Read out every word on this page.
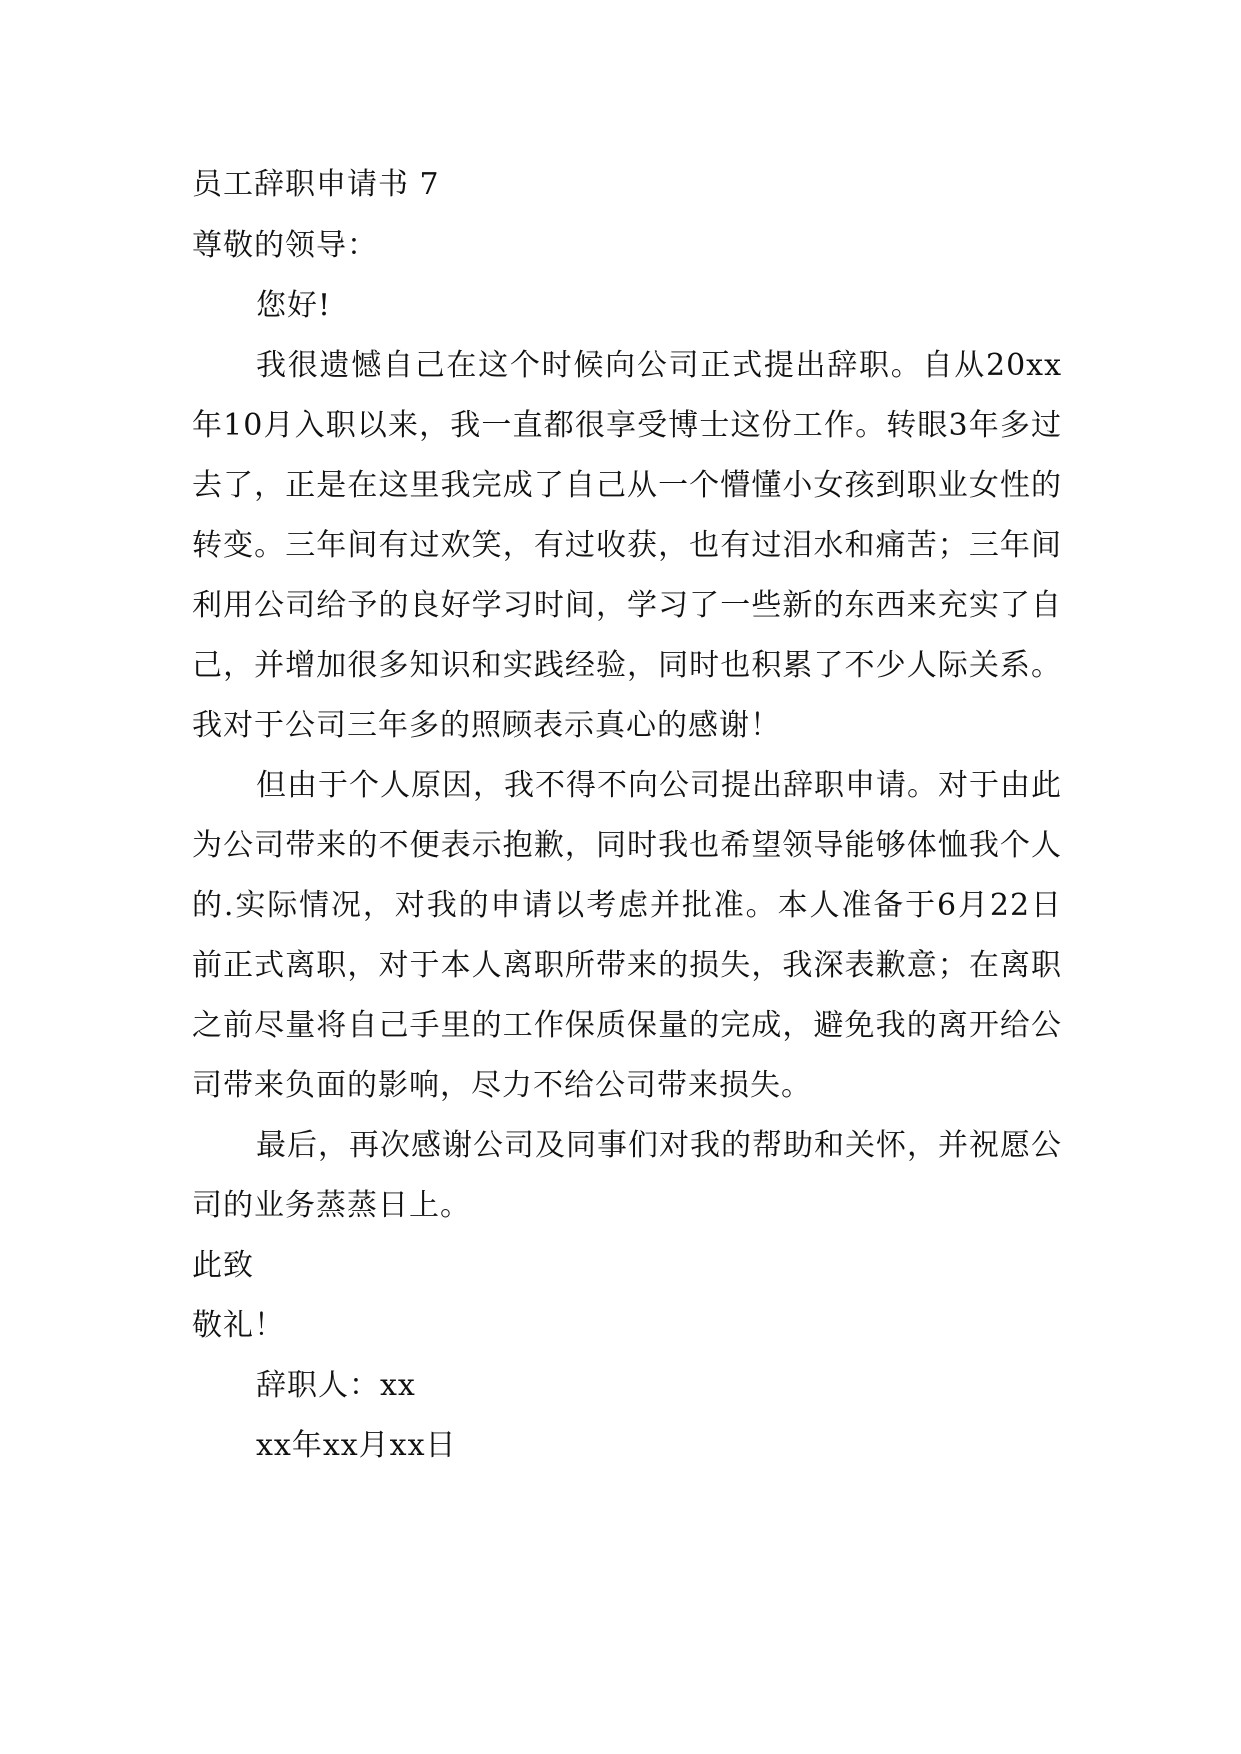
员工辞职申请书 7

尊敬的领导：

您好!

我很遗憾自己在这个时候向公司正式提出辞职。自从20xx年10月入职以来，我一直都很享受博士这份工作。转眼3年多过去了，正是在这里我完成了自己从一个懵懂小女孩到职业女性的转变。三年间有过欢笑，有过收获，也有过泪水和痛苦；三年间利用公司给予的良好学习时间，学习了一些新的东西来充实了自己，并增加很多知识和实践经验，同时也积累了不少人际关系。我对于公司三年多的照顾表示真心的感谢！

但由于个人原因，我不得不向公司提出辞职申请。对于由此为公司带来的不便表示抱歉，同时我也希望领导能够体恤我个人的.实际情况，对我的申请以考虑并批准。本人准备于6月22日前正式离职，对于本人离职所带来的损失，我深表歉意；在离职之前尽量将自己手里的工作保质保量的完成，避免我的离开给公司带来负面的影响，尽力不给公司带来损失。

最后，再次感谢公司及同事们对我的帮助和关怀，并祝愿公司的业务蒸蒸日上。

此致

敬礼！

辞职人：xx

xx年xx月xx日
